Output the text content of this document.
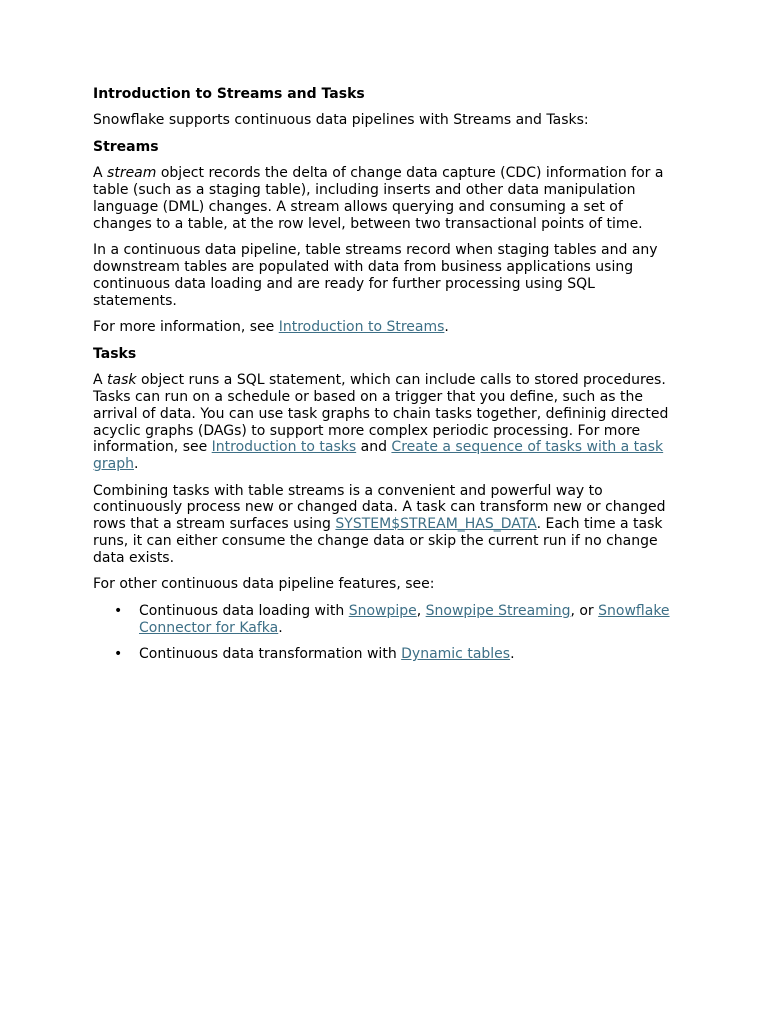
Introduction to Streams and Tasks

Snowflake supports continuous data pipelines with Streams and Tasks:

Streams

A stream object records the delta of change data capture (CDC) information for a table (such as a staging table), including inserts and other data manipulation language (DML) changes. A stream allows querying and consuming a set of changes to a table, at the row level, between two transactional points of time.

In a continuous data pipeline, table streams record when staging tables and any downstream tables are populated with data from business applications using continuous data loading and are ready for further processing using SQL statements.

For more information, see Introduction to Streams.

Tasks

A task object runs a SQL statement, which can include calls to stored procedures. Tasks can run on a schedule or based on a trigger that you define, such as the arrival of data. You can use task graphs to chain tasks together, defininig directed acyclic graphs (DAGs) to support more complex periodic processing. For more information, see Introduction to tasks and Create a sequence of tasks with a task graph.

Combining tasks with table streams is a convenient and powerful way to continuously process new or changed data. A task can transform new or changed rows that a stream surfaces using SYSTEM$STREAM_HAS_DATA. Each time a task runs, it can either consume the change data or skip the current run if no change data exists.

For other continuous data pipeline features, see:

• Continuous data loading with Snowpipe, Snowpipe Streaming, or Snowflake Connector for Kafka.
• Continuous data transformation with Dynamic tables.
